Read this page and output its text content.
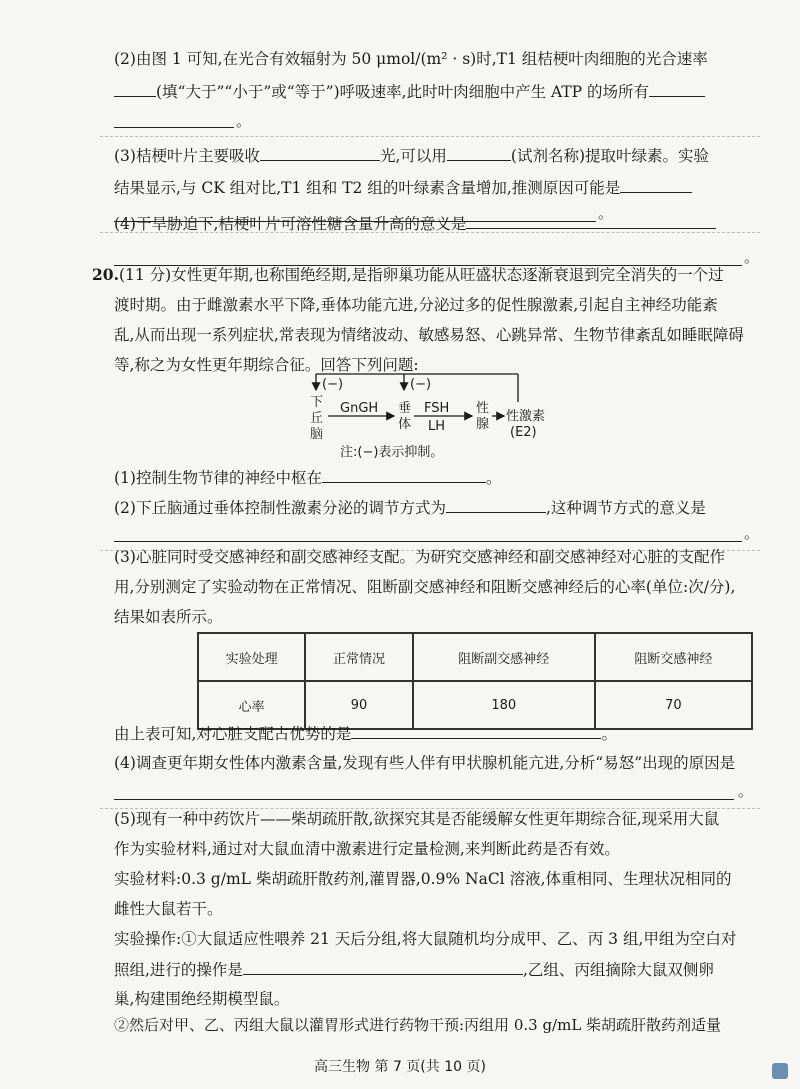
(2)由图 1 可知,在光合有效辐射为 50 μmol/(m² · s)时,T1 组桔梗叶肉细胞的光合速率
(填“大于”“小于”或“等于”)呼吸速率,此时叶肉细胞中产生 ATP 的场所有
。
(3)桔梗叶片主要吸收	光,可以用	(试剂名称)提取叶绿素。实验
结果显示,与 CK 组对比,T1 组和 T2 组的叶绿素含量增加,推测原因可能是
。
(4)干旱胁迫下,桔梗叶片可溶性糖含量升高的意义是
。
20.(11 分)女性更年期,也称围绝经期,是指卵巢功能从旺盛状态逐渐衰退到完全消失的一个过
渡时期。由于雌激素水平下降,垂体功能亢进,分泌过多的促性腺激素,引起自主神经功能紊
乱,从而出现一系列症状,常表现为情绪波动、敏感易怒、心跳异常、生物节律紊乱如睡眠障碍
等,称之为女性更年期综合征。回答下列问题:
(−)	(−)
下
丘
脑
GnGH 垂
体
FSH
LH
性
腺
性激素
(E2)
注:(−)表示抑制。
(1)控制生物节律的神经中枢在	。
(2)下丘脑通过垂体控制性激素分泌的调节方式为	,这种调节方式的意义是
。
(3)心脏同时受交感神经和副交感神经支配。为研究交感神经和副交感神经对心脏的支配作
用,分别测定了实验动物在正常情况、阻断副交感神经和阻断交感神经后的心率(单位:次/分),
结果如表所示。
实验处理	正常情况	阻断副交感神经	阻断交感神经
心率	90	180	70
由上表可知,对心脏支配占优势的是	。
(4)调查更年期女性体内激素含量,发现有些人伴有甲状腺机能亢进,分析“易怒”出现的原因是
。
(5)现有一种中药饮片——柴胡疏肝散,欲探究其是否能缓解女性更年期综合征,现采用大鼠
作为实验材料,通过对大鼠血清中激素进行定量检测,来判断此药是否有效。
实验材料:0.3 g/mL 柴胡疏肝散药剂,灌胃器,0.9% NaCl 溶液,体重相同、生理状况相同的
雌性大鼠若干。
实验操作:①大鼠适应性喂养 21 天后分组,将大鼠随机均分成甲、乙、丙 3 组,甲组为空白对
照组,进行的操作是	,乙组、丙组摘除大鼠双侧卵
巢,构建围绝经期模型鼠。
②然后对甲、乙、丙组大鼠以灌胃形式进行药物干预:丙组用 0.3 g/mL 柴胡疏肝散药剂适量
高三生物 第 7 页(共 10 页)
